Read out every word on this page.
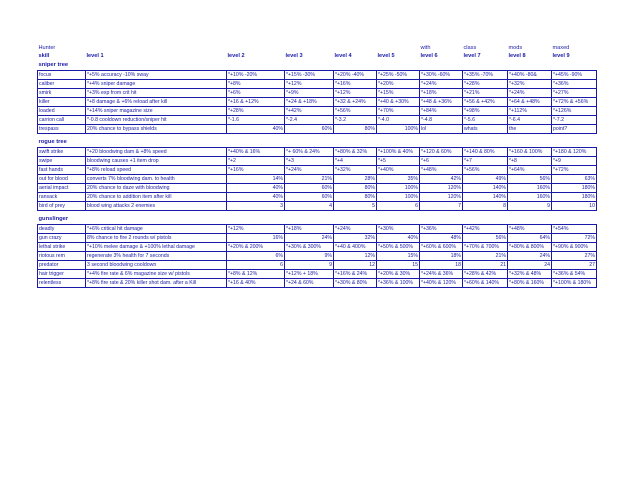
Hunter						with	class	mods	maxed
skill	level 1	level 2	level 3	level 4	level 5	level 6	level 7	level 8	level 9
sniper tree									
focus	*+5% accuracy -10% sway	*+10% -20%	*+15% -30%	*+20% -40%	*+25% -50%	*+30% -60%	*+35% -70%	*+40% -80&	*+45% -90%
caliber	*+4% sniper damage	*+8%	*+12%	*+16%	*+20%	*+24%	*+28%	*+32%	*+36%
smirk	*+3% exp from crit hit	*+6%	*+9%	*+12%	*+15%	*+18%	*+21%	*+24%	*+27%
killer	*+8 damage & +6% reload after kill	*+16 & +12%	*+24 & +18%	*+32 & +24%	*+40 & +30%	*+48 & +36%	*+56 & +42%	*+64 & +48%	*+72% & +56%
loaded	*+14% sniper magazine size	*+28%	*+42%	*+56%	*+70%	*+84%	*+98%	*+112%	*+126%
carrion call	*-0.8 cooldown reduction/sniper hit	*-1.6	*-2.4	*-3.2	*-4.0	*-4.8	*-5.6	*-6.4	*-7.2
trespass	20% chance to bypass shields	40%	60%	80%	100%	lol	whats	the	point?

rogue tree									
swift strike	*+20 bloodwing dam & +8% speed	*+40% & 16%	*+ 60% & 24%	*+80% & 32%	*+100% & 40%	*+120 & 60%	*+140 & 80%	*+160 & 100%	*+180 & 120%
swipe	bloodwing causes +1 item drop	*+2	*+3	*+4	*+5	*+6	*+7	*+8	*+9
fast hands	*+8% reload speed	*+16%	*+24%	*+32%	*+40%	*+48%	*+56%	*+64%	*+72%
out for blood	converts 7% bloodwing dam. to health	14%	21%	28%	35%	42%	49%	56%	63%
aerial impact	20% chance to daze with bloodwing	40%	60%	80%	100%	120%	140%	160%	180%
ransack	20% chance to addition item after kill	40%	60%	80%	100%	120%	140%	160%	180%
bird of prey	blood wing attacks 2 enemies	3	4	5	6	7	8	9	10

gunslinger									
deadly	*+6% critical hit damage	*+12%	*+18%	*+24%	*+30%	*+36%	*+42%	*+48%	*+54%
gun crazy	8% chance to fire 2 rounds w/ pistols	16%	24%	32%	40%	48%	56%	64%	72%
lethal strike	*+10% melee damage & +100% lethal damage	*+20% & 200%	*+30% & 300%	*+40 & 400%	*+50% & 500%	*+60% & 600%	*+70% & 700%	*+80% & 800%	*+90% & 900%
riotous rem	regenerate 3% health for 7 seconds	6%	9%	12%	15%	18%	21%	24%	27%
predator	3 second bloodwing cooldown	6	9	12	15	18	21	24	27
hair trigger	*+4% fire rate & 6% magazine size w/ pistols	*+8% & 12%	*+12% + 18%	*+16% & 24%	*+20% & 30%	*+24% & 36%	*+28% & 42%	*+32% & 48%	*+36% & 54%
relentless	*+8% fire rate & 20% killer shot dam. after a Kill	*+16 & 40%	*+24 & 60%	*+30% & 80%	*+36% & 100%	*+40% & 120%	*+60% & 140%	*+80% & 160%	*+100% & 180%
